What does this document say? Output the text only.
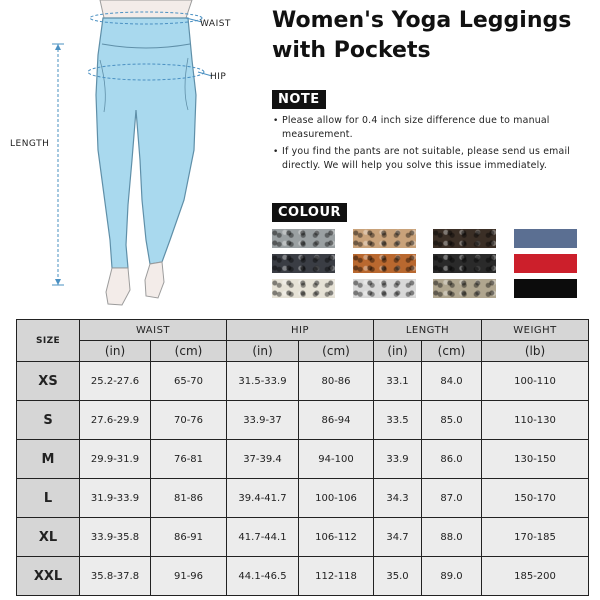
WAIST
HIP
LENGTH
Women's Yoga Leggings with Pockets
NOTE
• Please allow for 0.4 inch size difference due to manual measurement.
• If you find the pants are not suitable, please send us email directly. We will help you solve this issue immediately.
COLOUR
SIZE	WAIST		HIP		LENGTH		WEIGHT
	(in)	(cm)	(in)	(cm)	(in)	(cm)	(lb)
XS	25.2-27.6	65-70	31.5-33.9	80-86	33.1	84.0	100-110
S	27.6-29.9	70-76	33.9-37	86-94	33.5	85.0	110-130
M	29.9-31.9	76-81	37-39.4	94-100	33.9	86.0	130-150
L	31.9-33.9	81-86	39.4-41.7	100-106	34.3	87.0	150-170
XL	33.9-35.8	86-91	41.7-44.1	106-112	34.7	88.0	170-185
XXL	35.8-37.8	91-96	44.1-46.5	112-118	35.0	89.0	185-200
